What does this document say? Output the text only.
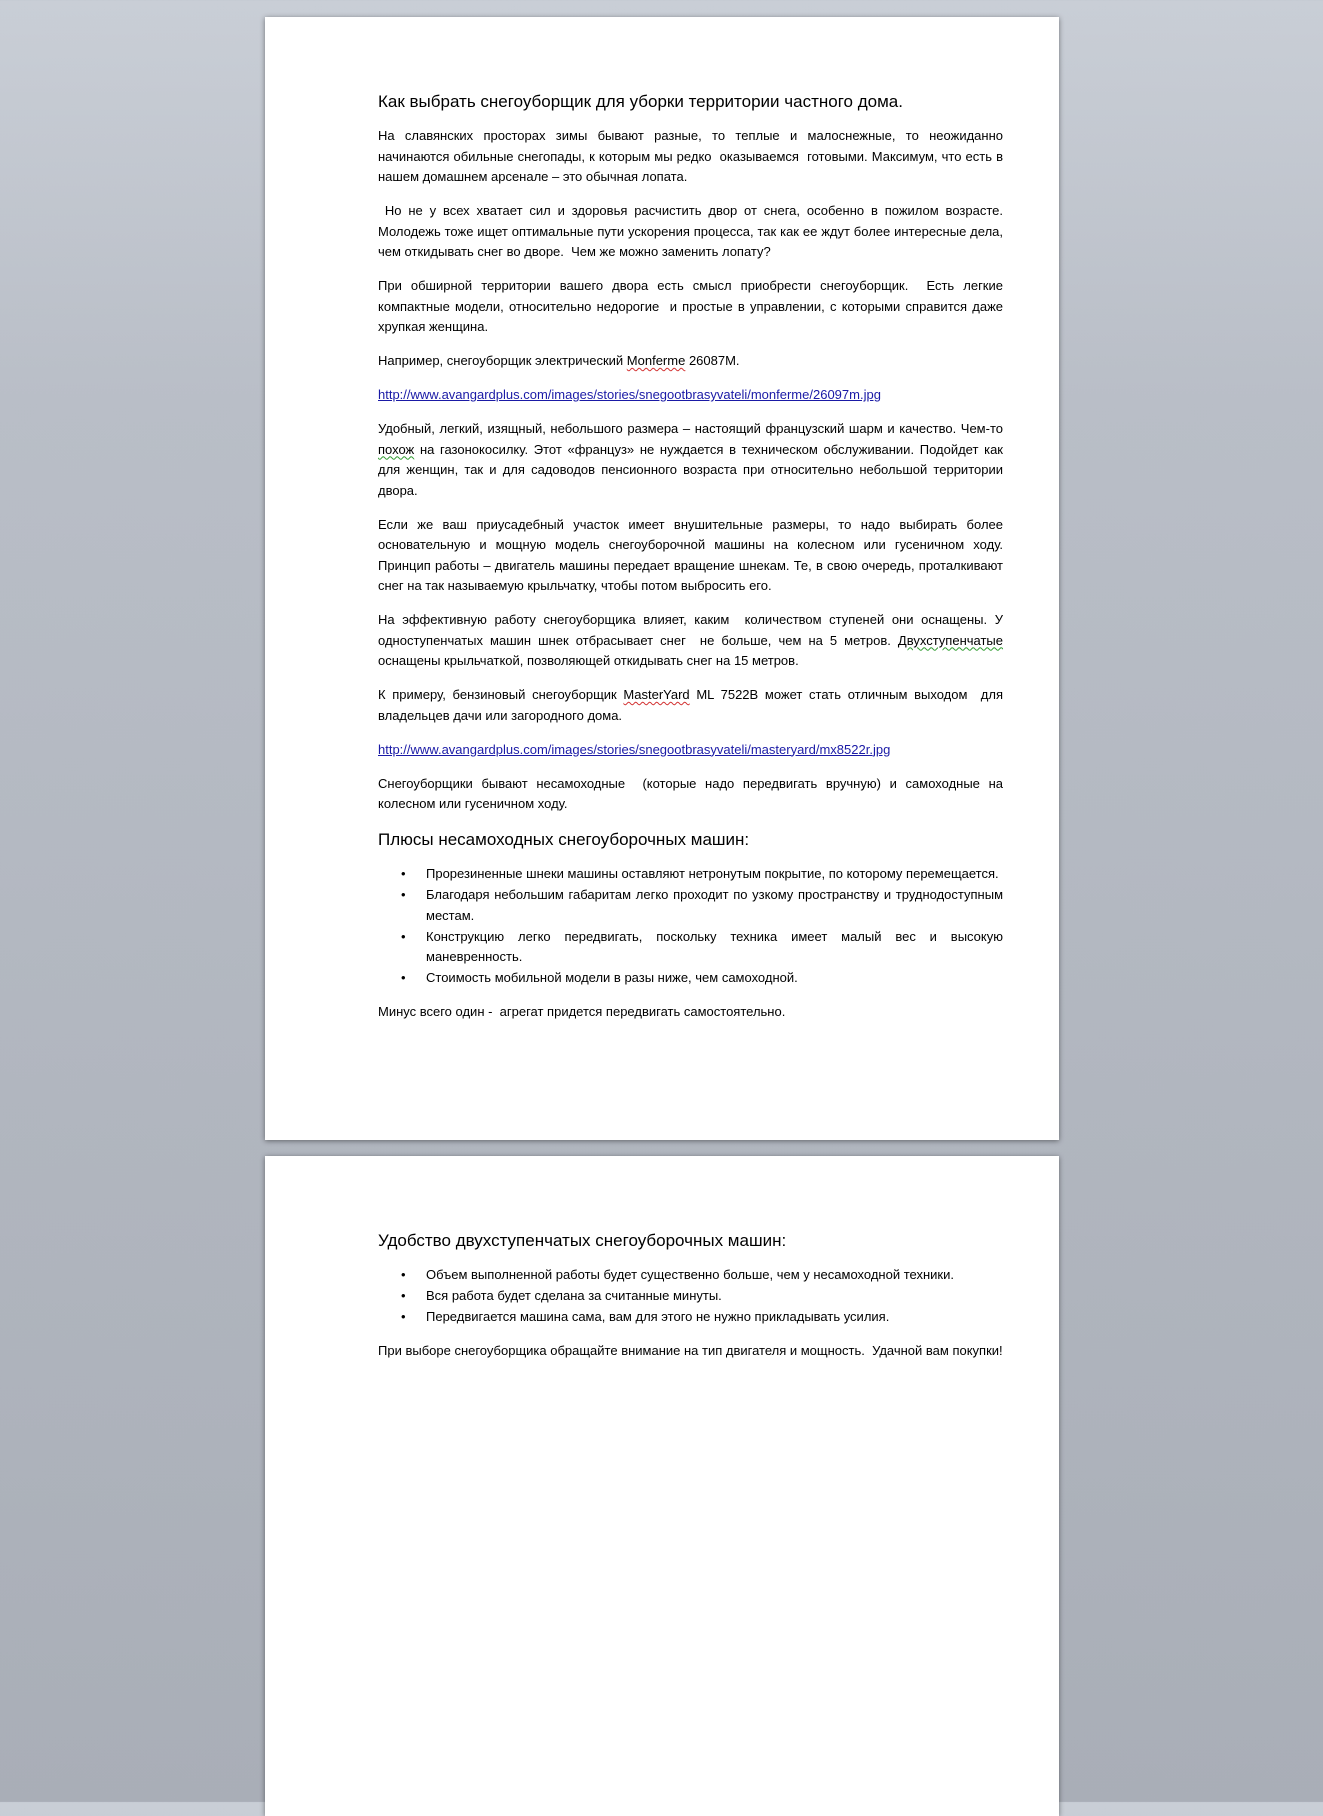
Как выбрать снегоуборщик для уборки территории частного дома.

На славянских просторах зимы бывают разные, то теплые и малоснежные, то неожиданно начинаются обильные снегопады, к которым мы редко  оказываемся  готовыми. Максимум, что есть в нашем домашнем арсенале – это обычная лопата.

Но не у всех хватает сил и здоровья расчистить двор от снега, особенно в пожилом возрасте. Молодежь тоже ищет оптимальные пути ускорения процесса, так как ее ждут более интересные дела, чем откидывать снег во дворе.  Чем же можно заменить лопату?

При обширной территории вашего двора есть смысл приобрести снегоуборщик.  Есть легкие компактные модели, относительно недорогие  и простые в управлении, с которыми справится даже хрупкая женщина.

Например, снегоуборщик электрический Monferme 26087M.

http://www.avangardplus.com/images/stories/snegootbrasyvateli/monferme/26097m.jpg

Удобный, легкий, изящный, небольшого размера – настоящий французский шарм и качество. Чем-то похож на газонокосилку. Этот «француз» не нуждается в техническом обслуживании. Подойдет как для женщин, так и для садоводов пенсионного возраста при относительно небольшой территории двора.

Если же ваш приусадебный участок имеет внушительные размеры, то надо выбирать более основательную и мощную модель снегоуборочной машины на колесном или гусеничном ходу. Принцип работы – двигатель машины передает вращение шнекам. Те, в свою очередь, проталкивают снег на так называемую крыльчатку, чтобы потом выбросить его.

На эффективную работу снегоуборщика влияет, каким  количеством ступеней они оснащены. У одноступенчатых машин шнек отбрасывает снег  не больше, чем на 5 метров. Двухступенчатые оснащены крыльчаткой, позволяющей откидывать снег на 15 метров.

К примеру, бензиновый снегоуборщик MasterYard ML 7522B может стать отличным выходом  для владельцев дачи или загородного дома.

http://www.avangardplus.com/images/stories/snegootbrasyvateli/masteryard/mx8522r.jpg

Снегоуборщики бывают несамоходные  (которые надо передвигать вручную) и самоходные на колесном или гусеничном ходу.

Плюсы несамоходных снегоуборочных машин:
• Прорезиненные шнеки машины оставляют нетронутым покрытие, по которому перемещается.
• Благодаря небольшим габаритам легко проходит по узкому пространству и труднодоступным местам.
• Конструкцию легко передвигать, поскольку техника имеет малый вес и высокую маневренность.
• Стоимость мобильной модели в разы ниже, чем самоходной.

Минус всего один -  агрегат придется передвигать самостоятельно.

Удобство двухступенчатых снегоуборочных машин:
• Объем выполненной работы будет существенно больше, чем у несамоходной техники.
• Вся работа будет сделана за считанные минуты.
• Передвигается машина сама, вам для этого не нужно прикладывать усилия.

При выборе снегоуборщика обращайте внимание на тип двигателя и мощность.  Удачной вам покупки!
